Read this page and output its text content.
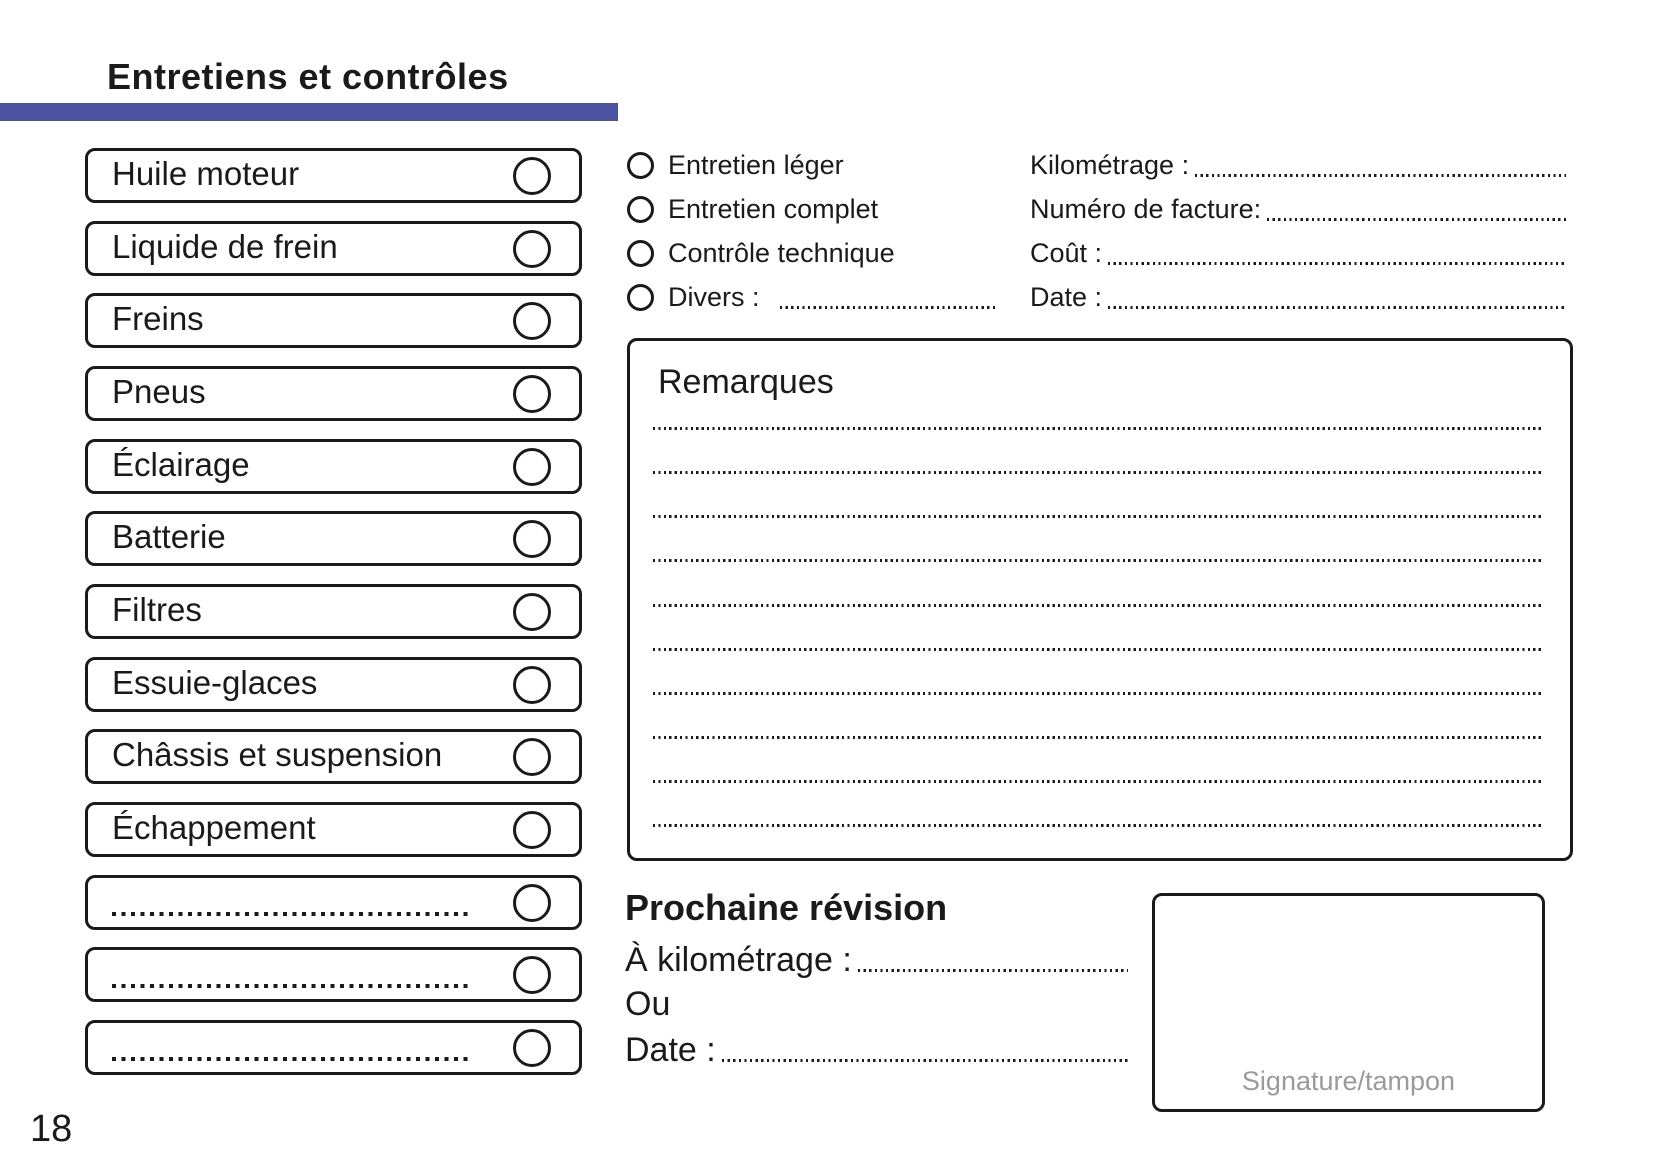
Entretiens et contrôles
Huile moteur
Liquide de frein
Freins
Pneus
Éclairage
Batterie
Filtres
Essuie-glaces
Châssis et suspension
Échappement
Entretien léger
Entretien complet
Contrôle technique
Divers :
Kilométrage :
Numéro de facture:
Coût :
Date :
Remarques
Prochaine révision
À kilométrage :
Ou
Date :
Signature/tampon
18
